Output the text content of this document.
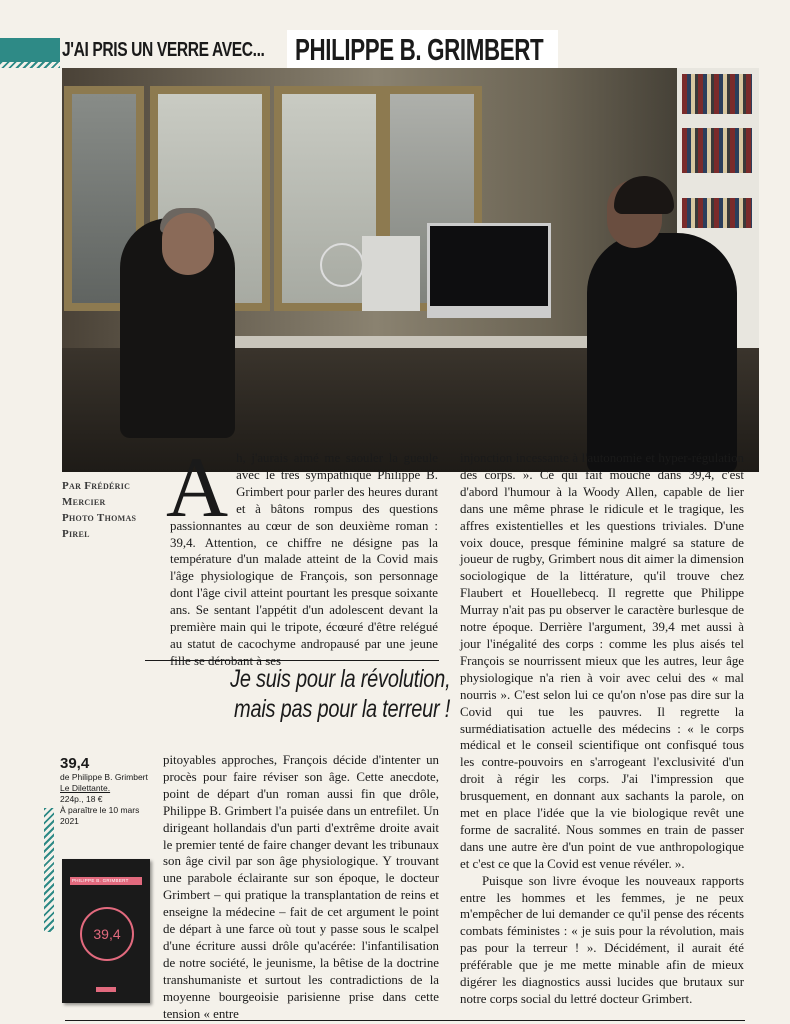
J'AI PRIS UN VERRE AVEC... PHILIPPE B. GRIMBERT
Par Frédéric
Mercier
Photo Thomas
Pirel Ah, j'aurais aimé me saouler la gueule avec le très sympathique Philippe B. Grimbert pour parler des heures durant et à bâtons rompus des questions passionnantes au cœur de son deuxième roman : 39,4. Attention, ce chiffre ne désigne pas la température d'un malade atteint de la Covid mais l'âge physiologique de François, son personnage dont l'âge civil atteint pourtant les presque soixante ans. Se sentant l'appétit d'un adolescent devant la première main qui le tripote, écœuré d'être relégué au statut de cacochyme andropausé par une jeune fille se dérobant à ses
Je suis pour la révolution,
mais pas pour la terreur !
pitoyables approches, François décide d'intenter un procès pour faire réviser son âge. Cette anecdote, point de départ d'un roman aussi fin que drôle, Philippe B. Grimbert l'a puisée dans un entrefilet. Un dirigeant hollandais d'un parti d'extrême droite avait le premier tenté de faire changer devant les tribunaux son âge civil par son âge physiologique. Y trouvant une parabole éclairante sur son époque, le docteur Grimbert – qui pratique la transplantation de reins et enseigne la médecine – fait de cet argument le point de départ à une farce où tout y passe sous le scalpel d'une écriture aussi drôle qu'acérée: l'infantilisation de notre société, le jeunisme, la bêtise de la doctrine transhumaniste et surtout les contradictions de la moyenne bourgeoisie parisienne prise dans cette tension « entre
injonction incessante à l'autonomie et hyper-régulation des corps. ». Ce qui fait mouche dans 39,4, c'est d'abord l'humour à la Woody Allen, capable de lier dans une même phrase le ridicule et le tragique, les affres existentielles et les questions triviales. D'une voix douce, presque féminine malgré sa stature de joueur de rugby, Grimbert nous dit aimer la dimension sociologique de la littérature, qu'il trouve chez Flaubert et Houellebecq. Il regrette que Philippe Murray n'ait pas pu observer le caractère burlesque de notre époque. Derrière l'argument, 39,4 met aussi à jour l'inégalité des corps : comme les plus aisés tel François se nourrissent mieux que les autres, leur âge physiologique n'a rien à voir avec celui des « mal nourris ». C'est selon lui ce qu'on n'ose pas dire sur la Covid qui tue les pauvres. Il regrette la surmédiatisation actuelle des médecins : « le corps médical et le conseil scientifique ont confisqué tous les contre-pouvoirs en s'arrogeant l'exclusivité d'un droit à régir les corps. J'ai l'impression que brusquement, en donnant aux sachants la parole, on met en place l'idée que la vie biologique revêt une forme de sacralité. Nous sommes en train de passer dans une autre ère d'un point de vue anthropologique et c'est ce que la Covid est venue révéler. ».
Puisque son livre évoque les nouveaux rapports entre les hommes et les femmes, je ne peux m'empêcher de lui demander ce qu'il pense des récents combats féministes : « je suis pour la révolution, mais pas pour la terreur ! ». Décidément, il aurait été préférable que je me mette minable afin de mieux digérer les diagnostics aussi lucides que brutaux sur notre corps social du lettré docteur Grimbert.
39,4
de Philippe B. Grimbert
Le Dilettante.
224p., 18 €
À paraître le 10 mars 2021
PHILIPPE B. GRIMBERT
39,4
